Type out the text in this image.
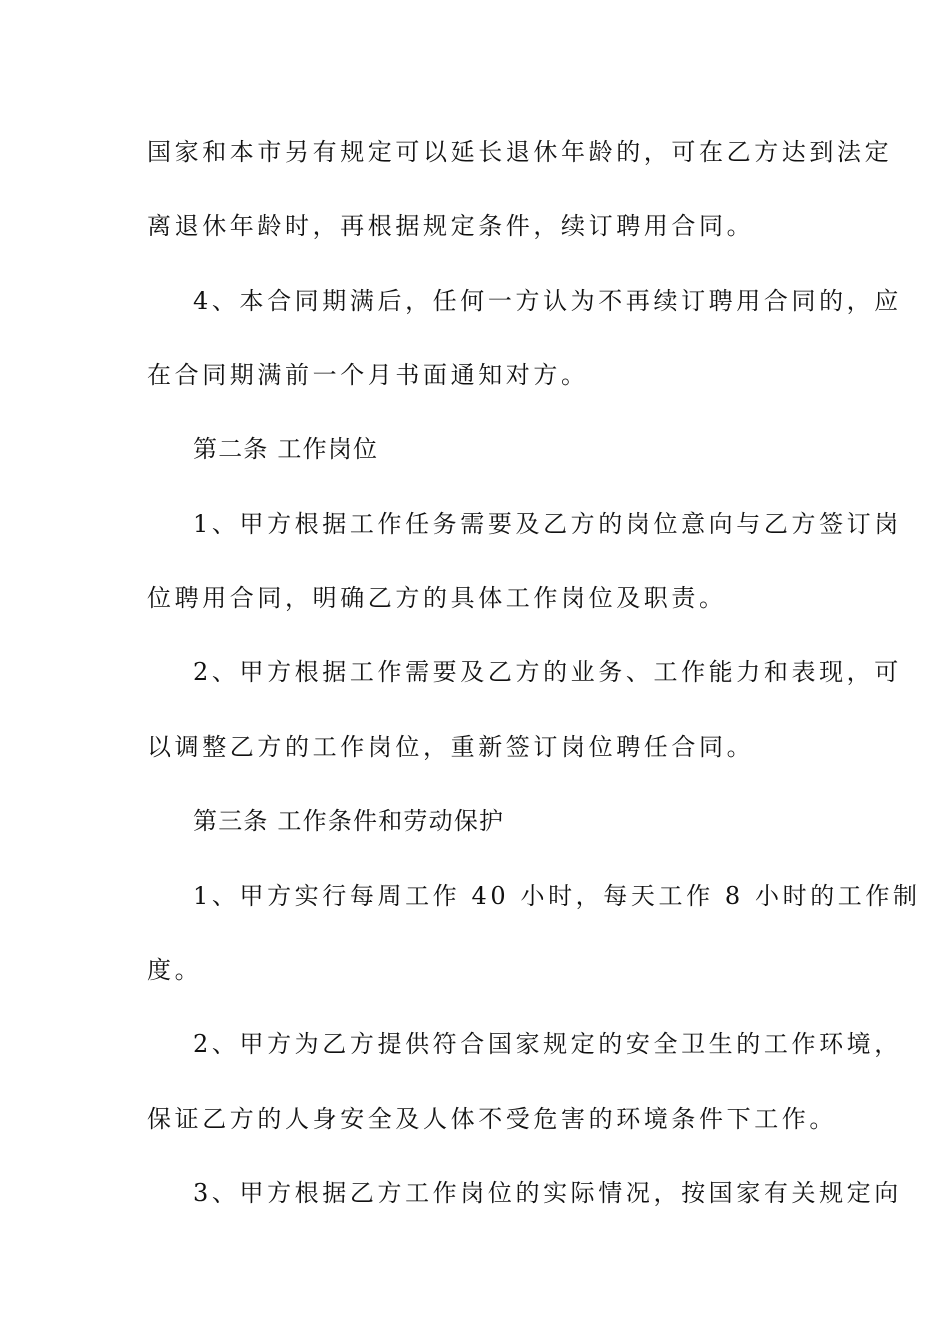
国家和本市另有规定可以延长退休年龄的，可在乙方达到法定
离退休年龄时，再根据规定条件，续订聘用合同。
4、本合同期满后，任何一方认为不再续订聘用合同的，应
在合同期满前一个月书面通知对方。
第二条 工作岗位
1、甲方根据工作任务需要及乙方的岗位意向与乙方签订岗
位聘用合同，明确乙方的具体工作岗位及职责。
2、甲方根据工作需要及乙方的业务、工作能力和表现，可
以调整乙方的工作岗位，重新签订岗位聘任合同。
第三条 工作条件和劳动保护
1、甲方实行每周工作 40 小时，每天工作 8 小时的工作制
度。
2、甲方为乙方提供符合国家规定的安全卫生的工作环境，
保证乙方的人身安全及人体不受危害的环境条件下工作。
3、甲方根据乙方工作岗位的实际情况，按国家有关规定向
